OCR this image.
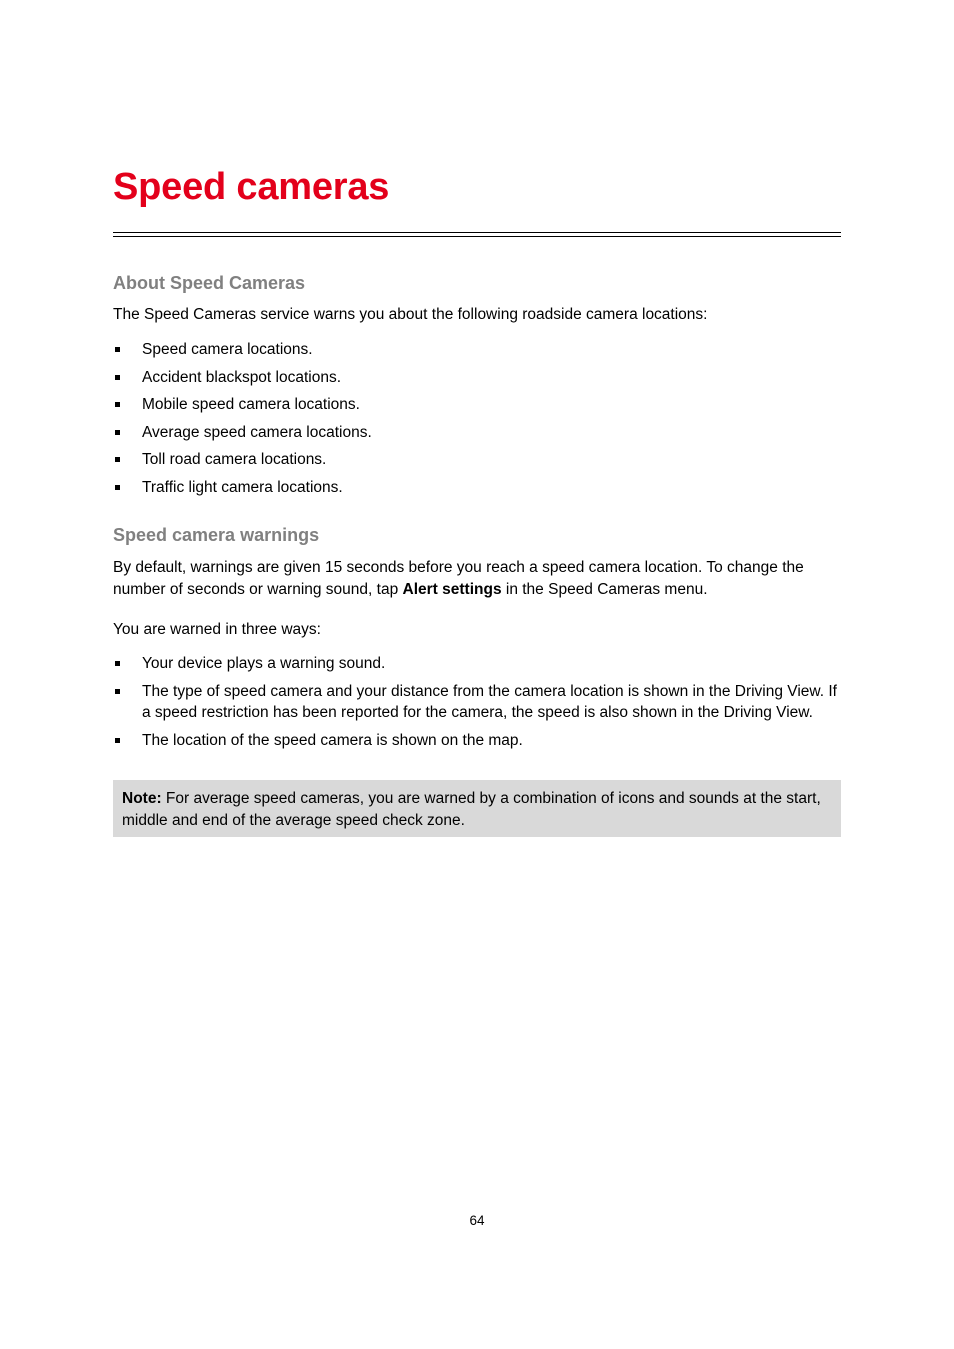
Speed cameras
About Speed Cameras

The Speed Cameras service warns you about the following roadside camera locations:

Speed camera locations.
Accident blackspot locations.
Mobile speed camera locations.
Average speed camera locations.
Toll road camera locations.
Traffic light camera locations.
Speed camera warnings

By default, warnings are given 15 seconds before you reach a speed camera location. To change the number of seconds or warning sound, tap Alert settings in the Speed Cameras menu.

You are warned in three ways:

Your device plays a warning sound.
The type of speed camera and your distance from the camera location is shown in the Driving View. If a speed restriction has been reported for the camera, the speed is also shown in the Driving View.
The location of the speed camera is shown on the map.
Note: For average speed cameras, you are warned by a combination of icons and sounds at the start, middle and end of the average speed check zone.
64
